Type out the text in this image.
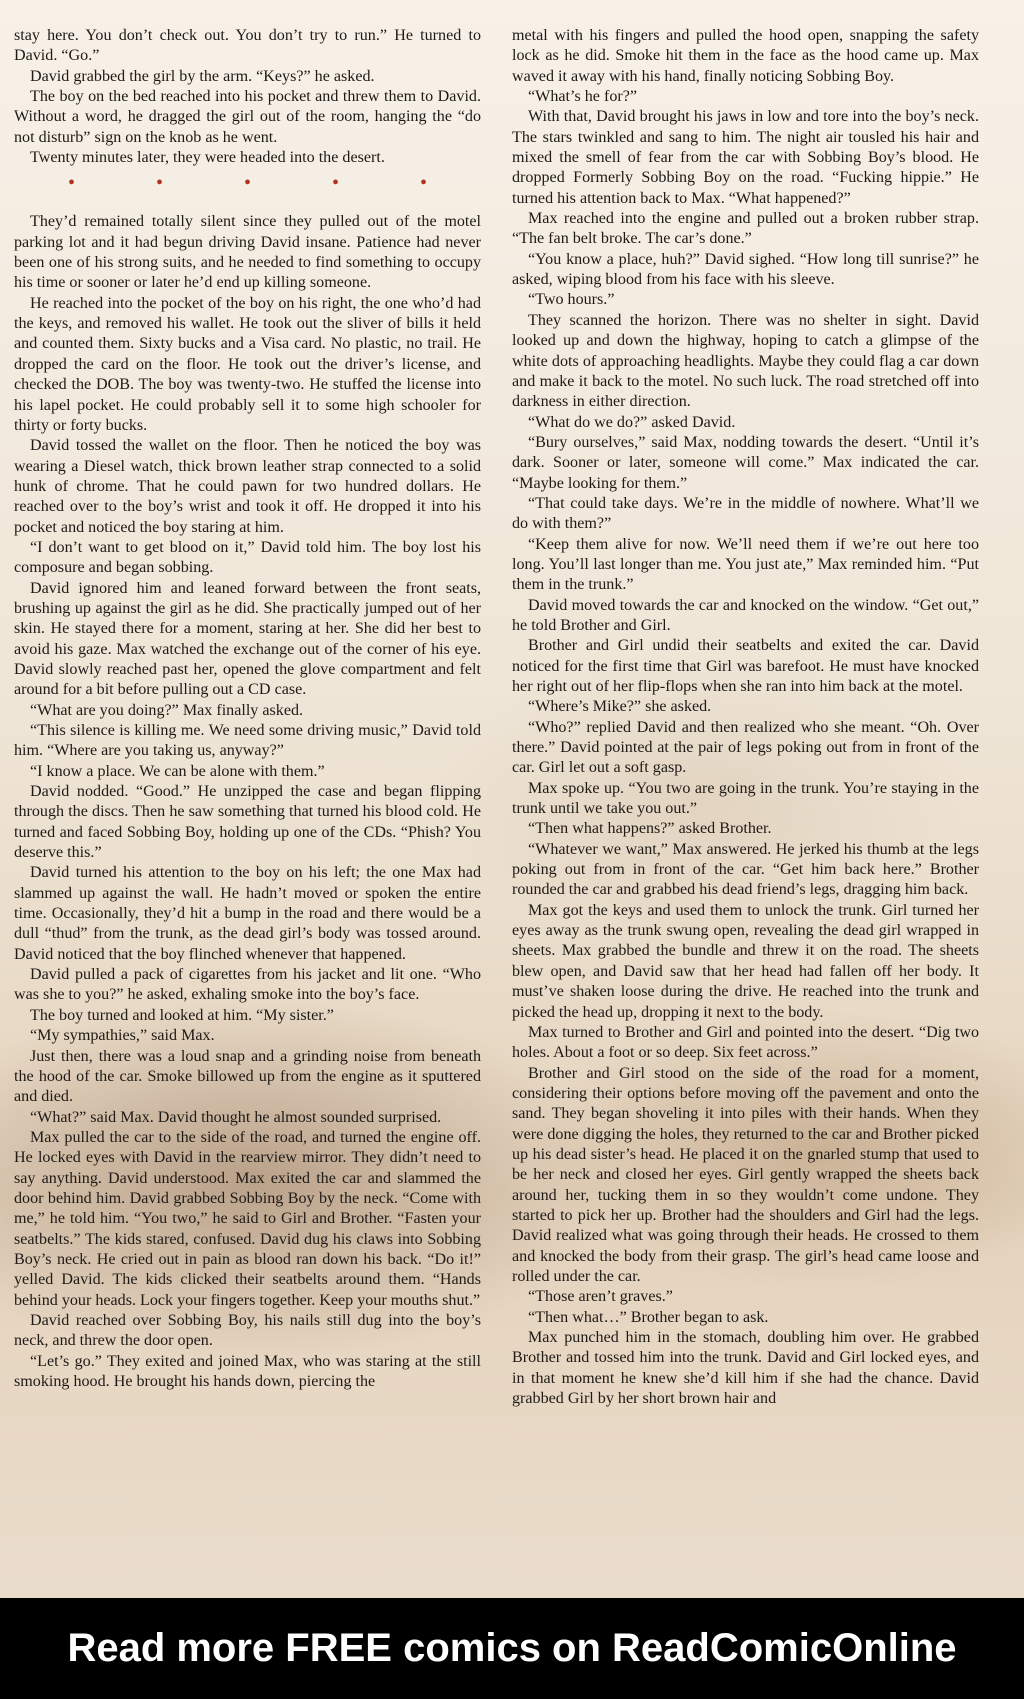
stay here. You don’t check out. You don’t try to run.” He turned to David. “Go.”

David grabbed the girl by the arm. “Keys?” he asked.

The boy on the bed reached into his pocket and threw them to David. Without a word, he dragged the girl out of the room, hanging the “do not disturb” sign on the knob as he went.

Twenty minutes later, they were headed into the desert.

• • • • •

They’d remained totally silent since they pulled out of the motel parking lot and it had begun driving David insane. Patience had never been one of his strong suits, and he needed to find something to occupy his time or sooner or later he’d end up killing someone.

He reached into the pocket of the boy on his right, the one who’d had the keys, and removed his wallet. He took out the sliver of bills it held and counted them. Sixty bucks and a Visa card. No plastic, no trail. He dropped the card on the floor. He took out the driver’s license, and checked the DOB. The boy was twenty-two. He stuffed the license into his lapel pocket. He could probably sell it to some high schooler for thirty or forty bucks.

David tossed the wallet on the floor. Then he noticed the boy was wearing a Diesel watch, thick brown leather strap connected to a solid hunk of chrome. That he could pawn for two hundred dollars. He reached over to the boy’s wrist and took it off. He dropped it into his pocket and noticed the boy staring at him.

“I don’t want to get blood on it,” David told him. The boy lost his composure and began sobbing.

David ignored him and leaned forward between the front seats, brushing up against the girl as he did. She practically jumped out of her skin. He stayed there for a moment, staring at her. She did her best to avoid his gaze. Max watched the exchange out of the corner of his eye. David slowly reached past her, opened the glove compartment and felt around for a bit before pulling out a CD case.

“What are you doing?” Max finally asked.

“This silence is killing me. We need some driving music,” David told him. “Where are you taking us, anyway?”

“I know a place. We can be alone with them.”

David nodded. “Good.” He unzipped the case and began flipping through the discs. Then he saw something that turned his blood cold. He turned and faced Sobbing Boy, holding up one of the CDs. “Phish? You deserve this.”

David turned his attention to the boy on his left; the one Max had slammed up against the wall. He hadn’t moved or spoken the entire time. Occasionally, they’d hit a bump in the road and there would be a dull “thud” from the trunk, as the dead girl’s body was tossed around. David noticed that the boy flinched whenever that happened.

David pulled a pack of cigarettes from his jacket and lit one. “Who was she to you?” he asked, exhaling smoke into the boy’s face.

The boy turned and looked at him. “My sister.”

“My sympathies,” said Max.

Just then, there was a loud snap and a grinding noise from beneath the hood of the car. Smoke billowed up from the engine as it sputtered and died.

“What?” said Max. David thought he almost sounded surprised.

Max pulled the car to the side of the road, and turned the engine off. He locked eyes with David in the rearview mirror. They didn’t need to say anything. David understood. Max exited the car and slammed the door behind him. David grabbed Sobbing Boy by the neck. “Come with me,” he told him. “You two,” he said to Girl and Brother. “Fasten your seatbelts.” The kids stared, confused. David dug his claws into Sobbing Boy’s neck. He cried out in pain as blood ran down his back. “Do it!” yelled David. The kids clicked their seatbelts around them. “Hands behind your heads. Lock your fingers together. Keep your mouths shut.”

David reached over Sobbing Boy, his nails still dug into the boy’s neck, and threw the door open.

“Let’s go.” They exited and joined Max, who was staring at the still smoking hood. He brought his hands down, piercing the

metal with his fingers and pulled the hood open, snapping the safety lock as he did. Smoke hit them in the face as the hood came up. Max waved it away with his hand, finally noticing Sobbing Boy.

“What’s he for?”

With that, David brought his jaws in low and tore into the boy’s neck. The stars twinkled and sang to him. The night air tousled his hair and mixed the smell of fear from the car with Sobbing Boy’s blood. He dropped Formerly Sobbing Boy on the road. “Fucking hippie.” He turned his attention back to Max. “What happened?”

Max reached into the engine and pulled out a broken rubber strap. “The fan belt broke. The car’s done.”

“You know a place, huh?” David sighed. “How long till sunrise?” he asked, wiping blood from his face with his sleeve.

“Two hours.”

They scanned the horizon. There was no shelter in sight. David looked up and down the highway, hoping to catch a glimpse of the white dots of approaching headlights. Maybe they could flag a car down and make it back to the motel. No such luck. The road stretched off into darkness in either direction.

“What do we do?” asked David.

“Bury ourselves,” said Max, nodding towards the desert. “Until it’s dark. Sooner or later, someone will come.” Max indicated the car. “Maybe looking for them.”

“That could take days. We’re in the middle of nowhere. What’ll we do with them?”

“Keep them alive for now. We’ll need them if we’re out here too long. You’ll last longer than me. You just ate,” Max reminded him. “Put them in the trunk.”

David moved towards the car and knocked on the window. “Get out,” he told Brother and Girl.

Brother and Girl undid their seatbelts and exited the car. David noticed for the first time that Girl was barefoot. He must have knocked her right out of her flip-flops when she ran into him back at the motel.

“Where’s Mike?” she asked.

“Who?” replied David and then realized who she meant. “Oh. Over there.” David pointed at the pair of legs poking out from in front of the car. Girl let out a soft gasp.

Max spoke up. “You two are going in the trunk. You’re staying in the trunk until we take you out.”

“Then what happens?” asked Brother.

“Whatever we want,” Max answered. He jerked his thumb at the legs poking out from in front of the car. “Get him back here.” Brother rounded the car and grabbed his dead friend’s legs, dragging him back.

Max got the keys and used them to unlock the trunk. Girl turned her eyes away as the trunk swung open, revealing the dead girl wrapped in sheets. Max grabbed the bundle and threw it on the road. The sheets blew open, and David saw that her head had fallen off her body. It must’ve shaken loose during the drive. He reached into the trunk and picked the head up, dropping it next to the body.

Max turned to Brother and Girl and pointed into the desert. “Dig two holes. About a foot or so deep. Six feet across.”

Brother and Girl stood on the side of the road for a moment, considering their options before moving off the pavement and onto the sand. They began shoveling it into piles with their hands. When they were done digging the holes, they returned to the car and Brother picked up his dead sister’s head. He placed it on the gnarled stump that used to be her neck and closed her eyes. Girl gently wrapped the sheets back around her, tucking them in so they wouldn’t come undone. They started to pick her up. Brother had the shoulders and Girl had the legs. David realized what was going through their heads. He crossed to them and knocked the body from their grasp. The girl’s head came loose and rolled under the car.

“Those aren’t graves.”

“Then what…” Brother began to ask.

Max punched him in the stomach, doubling him over. He grabbed Brother and tossed him into the trunk. David and Girl locked eyes, and in that moment he knew she’d kill him if she had the chance. David grabbed Girl by her short brown hair and

Read more FREE comics on ReadComicOnline
